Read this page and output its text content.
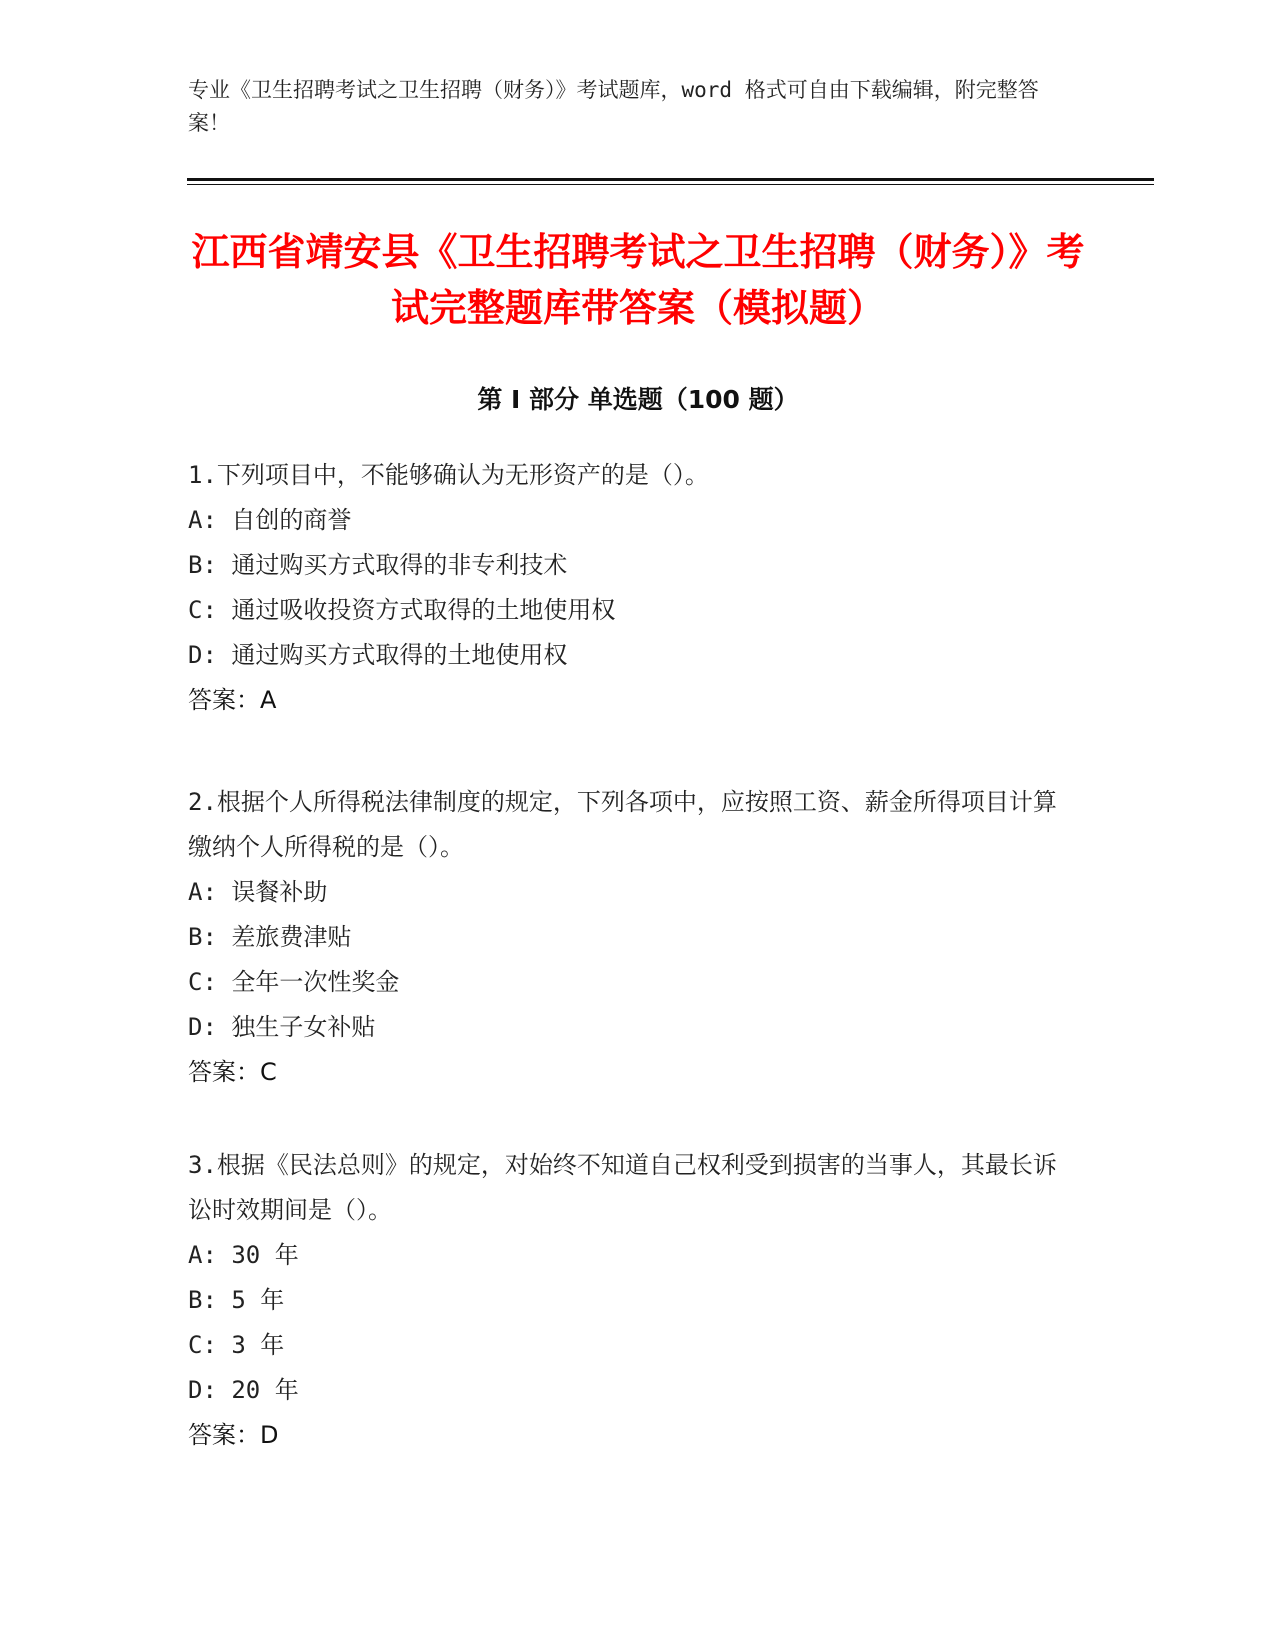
专业《卫生招聘考试之卫生招聘（财务）》考试题库，word 格式可自由下载编辑，附完整答案！

江西省靖安县《卫生招聘考试之卫生招聘（财务）》考试完整题库带答案（模拟题）
第 I 部分 单选题（100 题）

1.下列项目中，不能够确认为无形资产的是（）。

A: 自创的商誉
B: 通过购买方式取得的非专利技术
C: 通过吸收投资方式取得的土地使用权
D: 通过购买方式取得的土地使用权

答案：A

2.根据个人所得税法律制度的规定，下列各项中，应按照工资、薪金所得项目计算缴纳个人所得税的是（）。

A: 误餐补助
B: 差旅费津贴
C: 全年一次性奖金
D: 独生子女补贴

答案：C

3.根据《民法总则》的规定，对始终不知道自己权利受到损害的当事人，其最长诉讼时效期间是（）。

A: 30 年
B: 5 年
C: 3 年
D: 20 年

答案：D
